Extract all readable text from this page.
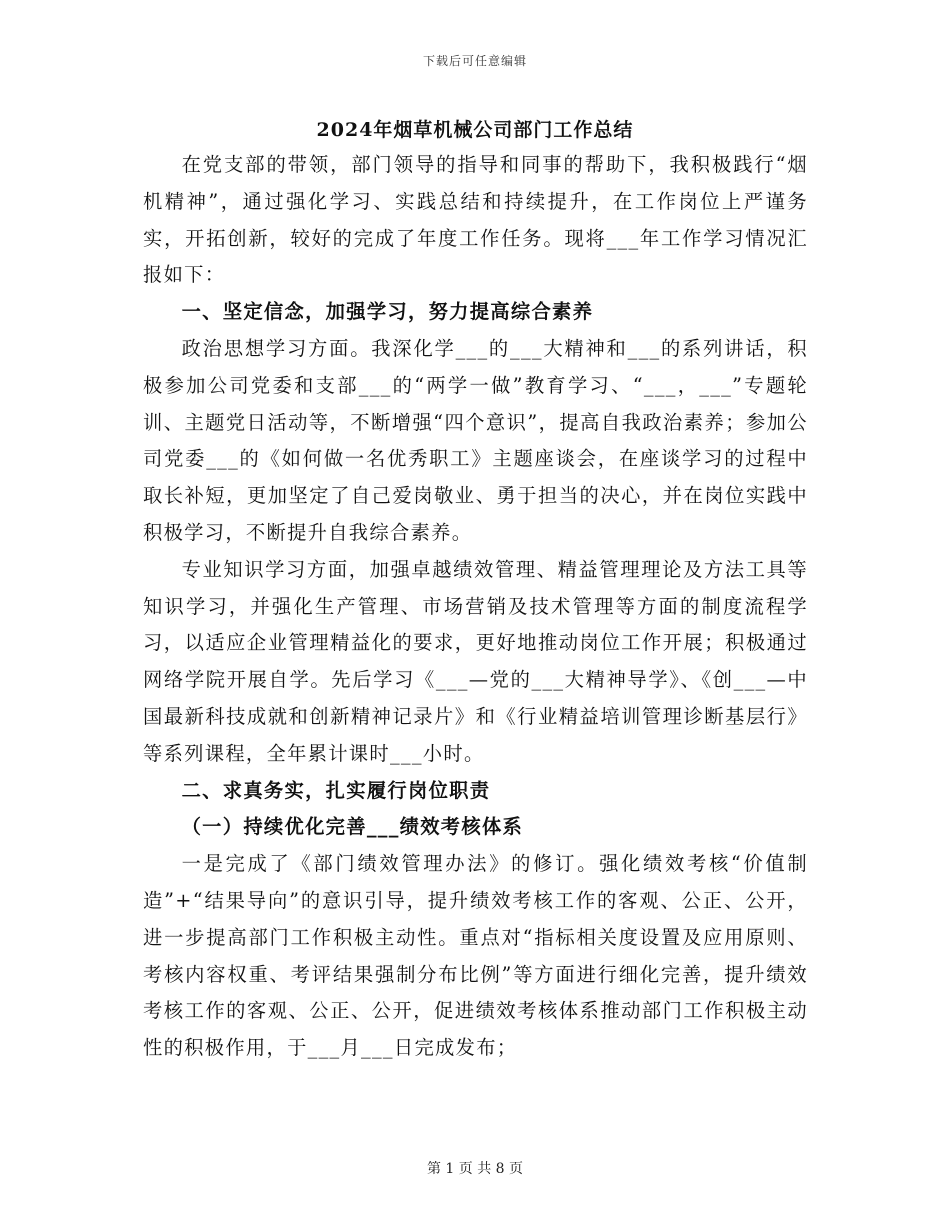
下载后可任意编辑
2024年烟草机械公司部门工作总结

在党支部的带领，部门领导的指导和同事的帮助下，我积极践行“烟机精神”，通过强化学习、实践总结和持续提升，在工作岗位上严谨务实，开拓创新，较好的完成了年度工作任务。现将___年工作学习情况汇报如下：

一、坚定信念，加强学习，努力提高综合素养

政治思想学习方面。我深化学___的___大精神和___的系列讲话，积极参加公司党委和支部___的“两学一做”教育学习、“___，___”专题轮训、主题党日活动等，不断增强“四个意识”，提高自我政治素养；参加公司党委___的《如何做一名优秀职工》主题座谈会，在座谈学习的过程中取长补短，更加坚定了自己爱岗敬业、勇于担当的决心，并在岗位实践中积极学习，不断提升自我综合素养。

专业知识学习方面，加强卓越绩效管理、精益管理理论及方法工具等知识学习，并强化生产管理、市场营销及技术管理等方面的制度流程学习，以适应企业管理精益化的要求，更好地推动岗位工作开展；积极通过网络学院开展自学。先后学习《___—党的___大精神导学》、《创___—中国最新科技成就和创新精神记录片》和《行业精益培训管理诊断基层行》等系列课程，全年累计课时___小时。

二、求真务实，扎实履行岗位职责

（一）持续优化完善___绩效考核体系

一是完成了《部门绩效管理办法》的修订。强化绩效考核“价值制造”+“结果导向”的意识引导，提升绩效考核工作的客观、公正、公开，进一步提高部门工作积极主动性。重点对“指标相关度设置及应用原则、考核内容权重、考评结果强制分布比例”等方面进行细化完善，提升绩效考核工作的客观、公正、公开，促进绩效考核体系推动部门工作积极主动性的积极作用，于___月___日完成发布；

第 1 页 共 8 页
